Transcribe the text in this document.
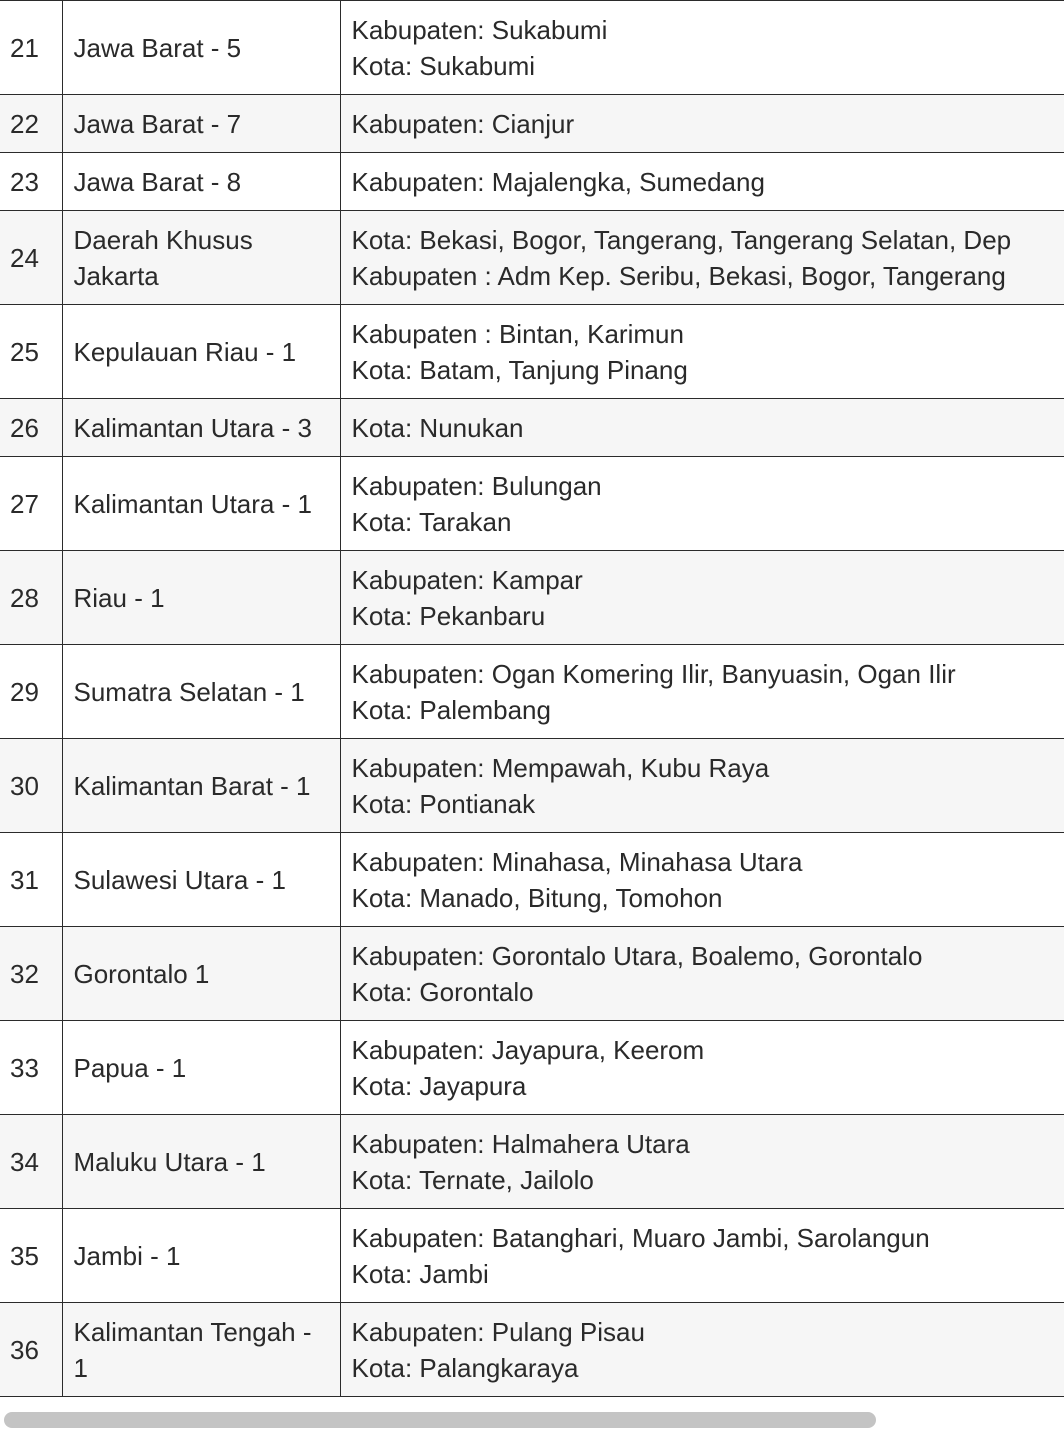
21	Jawa Barat - 5	Kabupaten: Sukabumi
Kota: Sukabumi

22	Jawa Barat - 7	Kabupaten: Cianjur

23	Jawa Barat - 8	Kabupaten: Majalengka, Sumedang

24	Daerah Khusus Jakarta	Kota: Bekasi, Bogor, Tangerang, Tangerang Selatan, Dep
Kabupaten : Adm Kep. Seribu, Bekasi, Bogor, Tangerang

25	Kepulauan Riau - 1	Kabupaten : Bintan, Karimun
Kota: Batam, Tanjung Pinang

26	Kalimantan Utara - 3	Kota: Nunukan

27	Kalimantan Utara - 1	Kabupaten: Bulungan
Kota: Tarakan

28	Riau - 1	Kabupaten: Kampar
Kota: Pekanbaru

29	Sumatra Selatan - 1	Kabupaten: Ogan Komering Ilir, Banyuasin, Ogan Ilir
Kota: Palembang

30	Kalimantan Barat - 1	Kabupaten: Mempawah, Kubu Raya
Kota: Pontianak

31	Sulawesi Utara - 1	Kabupaten: Minahasa, Minahasa Utara
Kota: Manado, Bitung, Tomohon

32	Gorontalo 1	Kabupaten: Gorontalo Utara, Boalemo, Gorontalo
Kota: Gorontalo

33	Papua - 1	Kabupaten: Jayapura, Keerom
Kota: Jayapura

34	Maluku Utara - 1	Kabupaten: Halmahera Utara
Kota: Ternate, Jailolo

35	Jambi - 1	Kabupaten: Batanghari, Muaro Jambi, Sarolangun
Kota: Jambi

36	Kalimantan Tengah - 1	Kabupaten: Pulang Pisau
Kota: Palangkaraya
